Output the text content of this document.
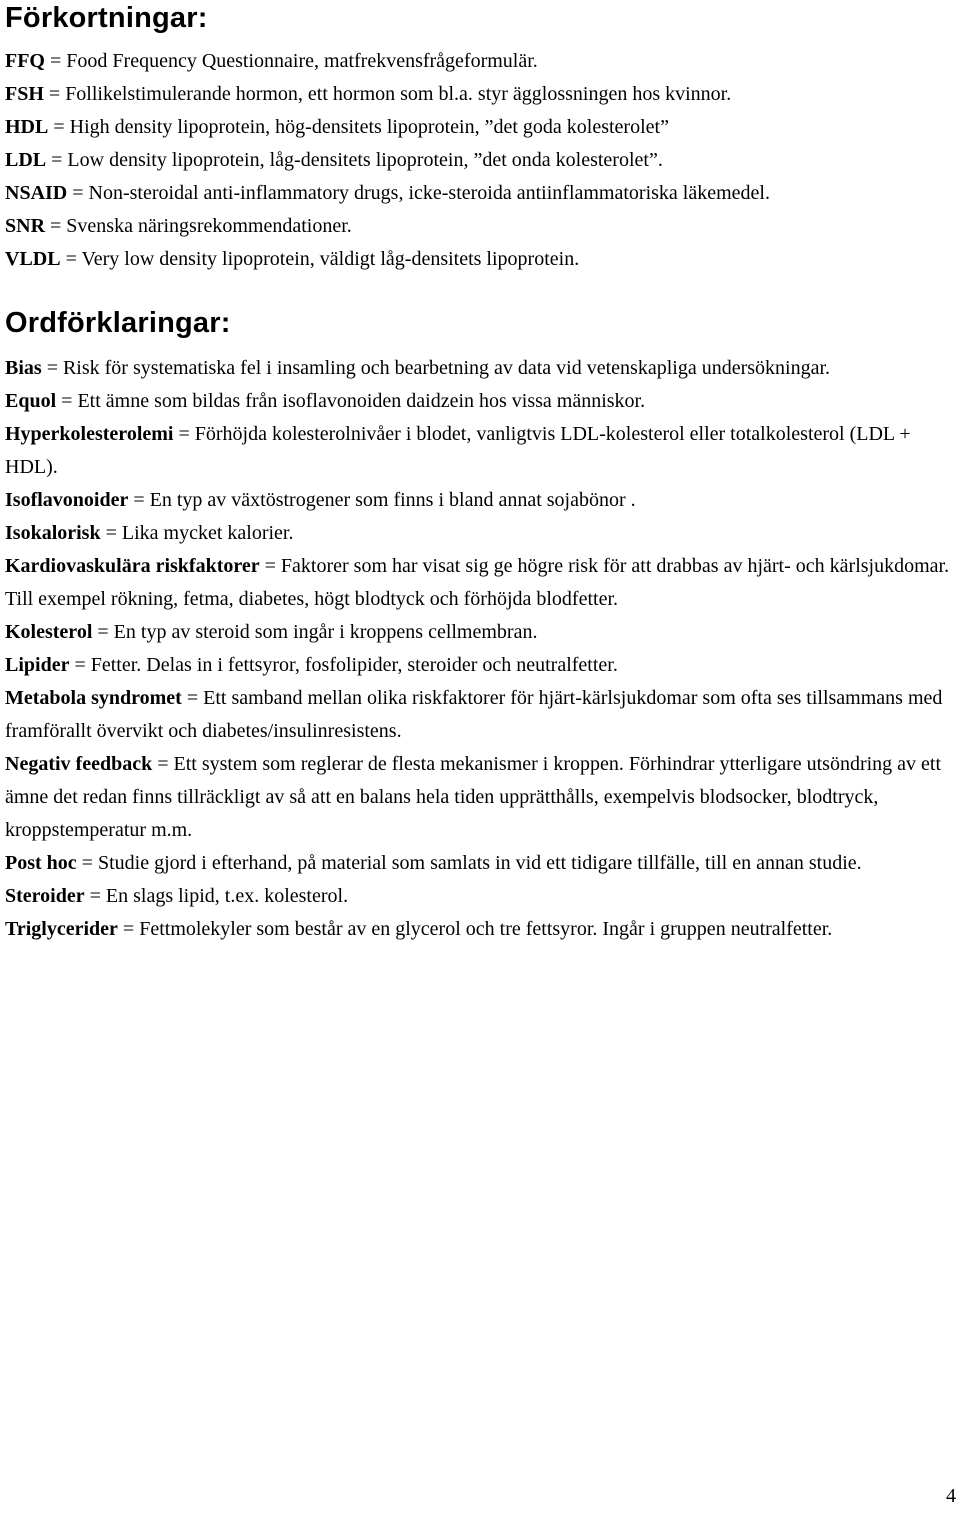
Förkortningar:

FFQ = Food Frequency Questionnaire, matfrekvensfrågeformulär.

FSH = Follikelstimulerande hormon, ett hormon som bl.a. styr ägglossningen hos kvinnor.

HDL = High density lipoprotein, hög-densitets lipoprotein, ”det goda kolesterolet”

LDL = Low density lipoprotein, låg-densitets lipoprotein, ”det onda kolesterolet”.

NSAID = Non-steroidal anti-inflammatory drugs, icke-steroida antiinflammatoriska läkemedel.

SNR = Svenska näringsrekommendationer.

VLDL = Very low density lipoprotein, väldigt låg-densitets lipoprotein.

Ordförklaringar:

Bias = Risk för systematiska fel i insamling och bearbetning av data vid vetenskapliga undersökningar.

Equol = Ett ämne som bildas från isoflavonoiden daidzein hos vissa människor.

Hyperkolesterolemi = Förhöjda kolesterolnivåer i blodet, vanligtvis LDL-kolesterol eller totalkolesterol (LDL + HDL).

Isoflavonoider = En typ av växtöstrogener som finns i bland annat sojabönor .

Isokalorisk = Lika mycket kalorier.

Kardiovaskulära riskfaktorer = Faktorer som har visat sig ge högre risk för att drabbas av hjärt- och kärlsjukdomar. Till exempel rökning, fetma, diabetes, högt blodtyck och förhöjda blodfetter.

Kolesterol = En typ av steroid som ingår i kroppens cellmembran.

Lipider = Fetter. Delas in i fettsyror, fosfolipider, steroider och neutralfetter.

Metabola syndromet = Ett samband mellan olika riskfaktorer för hjärt-kärlsjukdomar som ofta ses tillsammans med framförallt övervikt och diabetes/insulinresistens.

Negativ feedback = Ett system som reglerar de flesta mekanismer i kroppen. Förhindrar ytterligare utsöndring av ett ämne det redan finns tillräckligt av så att en balans hela tiden upprätthålls, exempelvis blodsocker, blodtryck, kroppstemperatur m.m.

Post hoc = Studie gjord i efterhand, på material som samlats in vid ett tidigare tillfälle, till en annan studie.

Steroider = En slags lipid, t.ex. kolesterol.

Triglycerider = Fettmolekyler som består av en glycerol och tre fettsyror. Ingår i gruppen neutralfetter.

4
